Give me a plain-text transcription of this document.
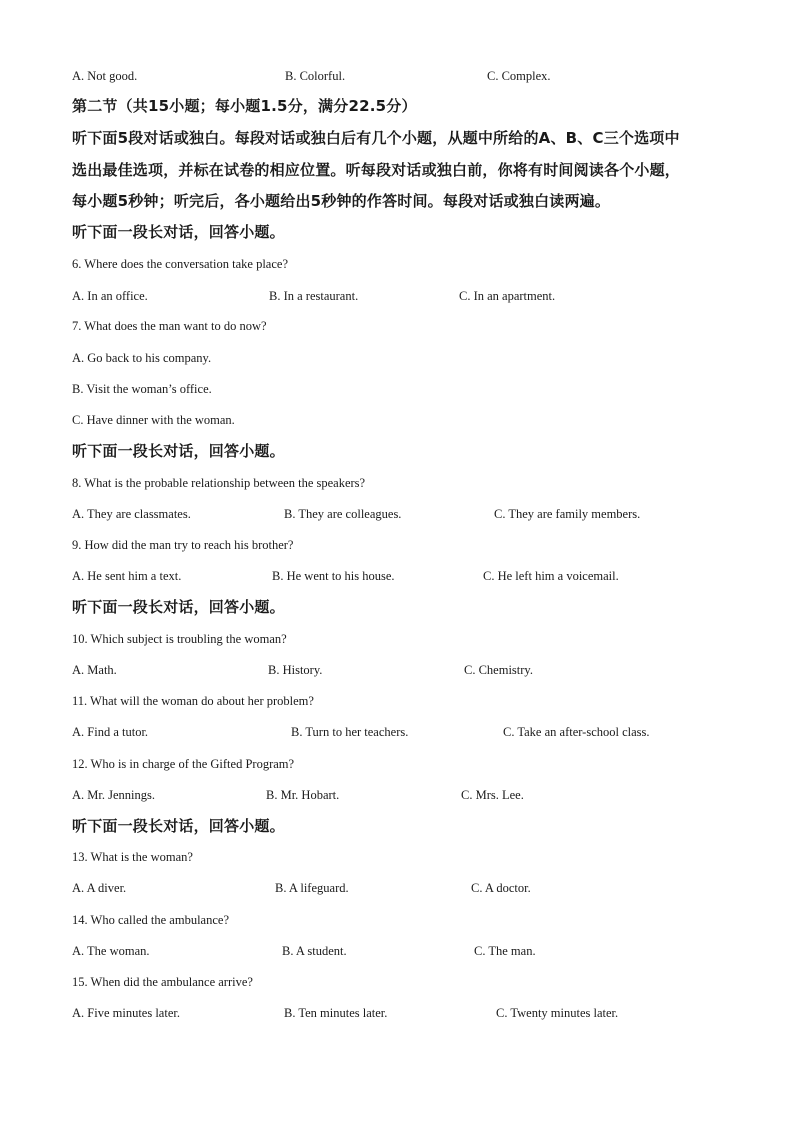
A. Not good.	B. Colorful.	C. Complex.
第二节（共15小题；每小题1.5分，满分22.5分）
听下面5段对话或独白。每段对话或独白后有几个小题，从题中所给的A、B、C三个选项中
选出最佳选项，并标在试卷的相应位置。听每段对话或独白前，你将有时间阅读各个小题，
每小题5秒钟；听完后，各小题给出5秒钟的作答时间。每段对话或独白读两遍。
听下面一段长对话，回答小题。
6. Where does the conversation take place?
A. In an office.	B. In a restaurant.	C. In an apartment.
7. What does the man want to do now?
A. Go back to his company.
B. Visit the woman’s office.
C. Have dinner with the woman.
听下面一段长对话，回答小题。
8. What is the probable relationship between the speakers?
A. They are classmates.	B. They are colleagues.	C. They are family members.
9. How did the man try to reach his brother?
A. He sent him a text.	B. He went to his house.	C. He left him a voicemail.
听下面一段长对话，回答小题。
10. Which subject is troubling the woman?
A. Math.	B. History.	C. Chemistry.
11. What will the woman do about her problem?
A. Find a tutor.	B. Turn to her teachers.	C. Take an after-school class.
12. Who is in charge of the Gifted Program?
A. Mr. Jennings.	B. Mr. Hobart.	C. Mrs. Lee.
听下面一段长对话，回答小题。
13. What is the woman?
A. A diver.	B. A lifeguard.	C. A doctor.
14. Who called the ambulance?
A. The woman.	B. A student.	C. The man.
15. When did the ambulance arrive?
A. Five minutes later.	B. Ten minutes later.	C. Twenty minutes later.
